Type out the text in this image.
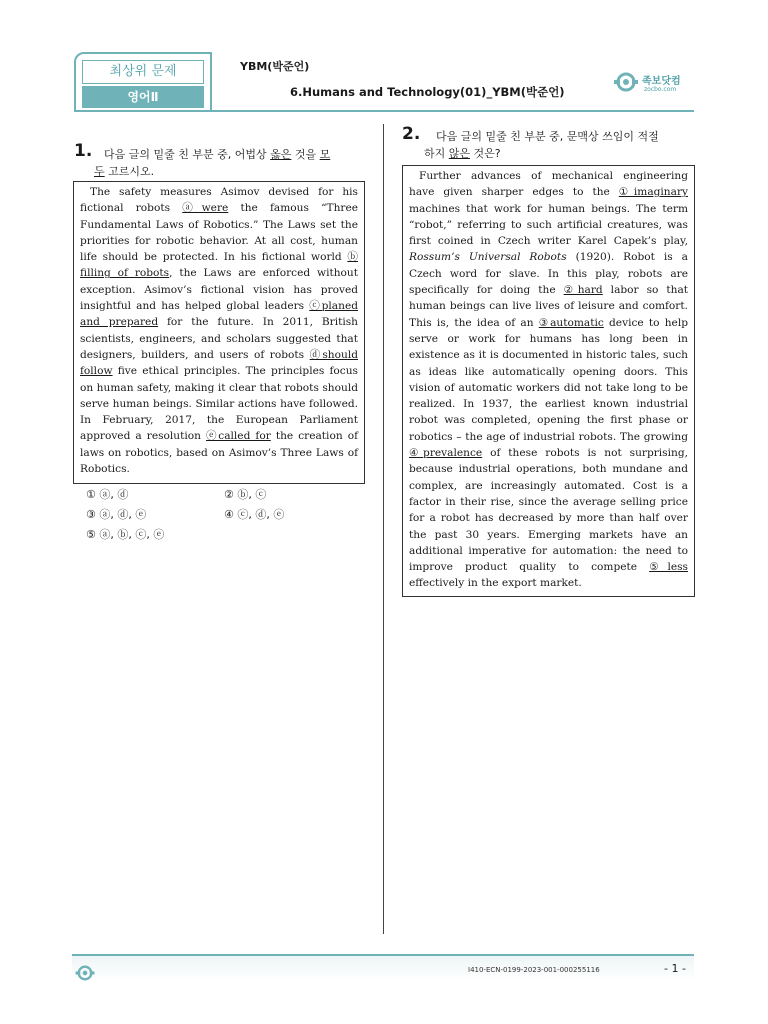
최상위 문제
영어Ⅱ
YBM(박준언)
6.Humans and Technology(01)_YBM(박준언)
족보닷컴
zocbo.com
1. 다음 글의 밑줄 친 부분 중, 어법상 옳은 것을 모
두 고르시오.
The safety measures Asimov devised for his fictional robots ⓐwere the famous “Three Fundamental Laws of Robotics.” The Laws set the priorities for robotic behavior. At all cost, human life should be protected. In his fictional world ⓑ filling of robots, the Laws are enforced without exception. Asimov’s fictional vision has proved insightful and has helped global leaders ⓒplaned and prepared for the future. In 2011, British scientists, engineers, and scholars suggested that designers, builders, and users of robots ⓓshould follow five ethical principles. The principles focus on human safety, making it clear that robots should serve human beings. Similar actions have followed. In February, 2017, the European Parliament approved a resolution ⓔcalled for the creation of laws on robotics, based on Asimov’s Three Laws of Robotics.
① ⓐ, ⓓ	② ⓑ, ⓒ
③ ⓐ, ⓓ, ⓔ	④ ⓒ, ⓓ, ⓔ
⑤ ⓐ, ⓑ, ⓒ, ⓔ
2. 다음 글의 밑줄 친 부분 중, 문맥상 쓰임이 적절
하지 않은 것은?
Further advances of mechanical engineering have given sharper edges to the ①imaginary machines that work for human beings. The term “robot,” referring to such artificial creatures, was first coined in Czech writer Karel Capek’s play, Rossum’s Universal Robots (1920). Robot is a Czech word for slave. In this play, robots are specifically for doing the ②hard labor so that human beings can live lives of leisure and comfort. This is, the idea of an ③automatic device to help serve or work for humans has long been in existence as it is documented in historic tales, such as ideas like automatically opening doors. This vision of automatic workers did not take long to be realized. In 1937, the earliest known industrial robot was completed, opening the first phase or robotics – the age of industrial robots. The growing ④prevalence of these robots is not surprising, because industrial operations, both mundane and complex, are increasingly automated. Cost is a factor in their rise, since the average selling price for a robot has decreased by more than half over the past 30 years. Emerging markets have an additional imperative for automation: the need to improve product quality to compete ⑤less effectively in the export market.
I410-ECN-0199-2023-001-000255116	- 1 -
